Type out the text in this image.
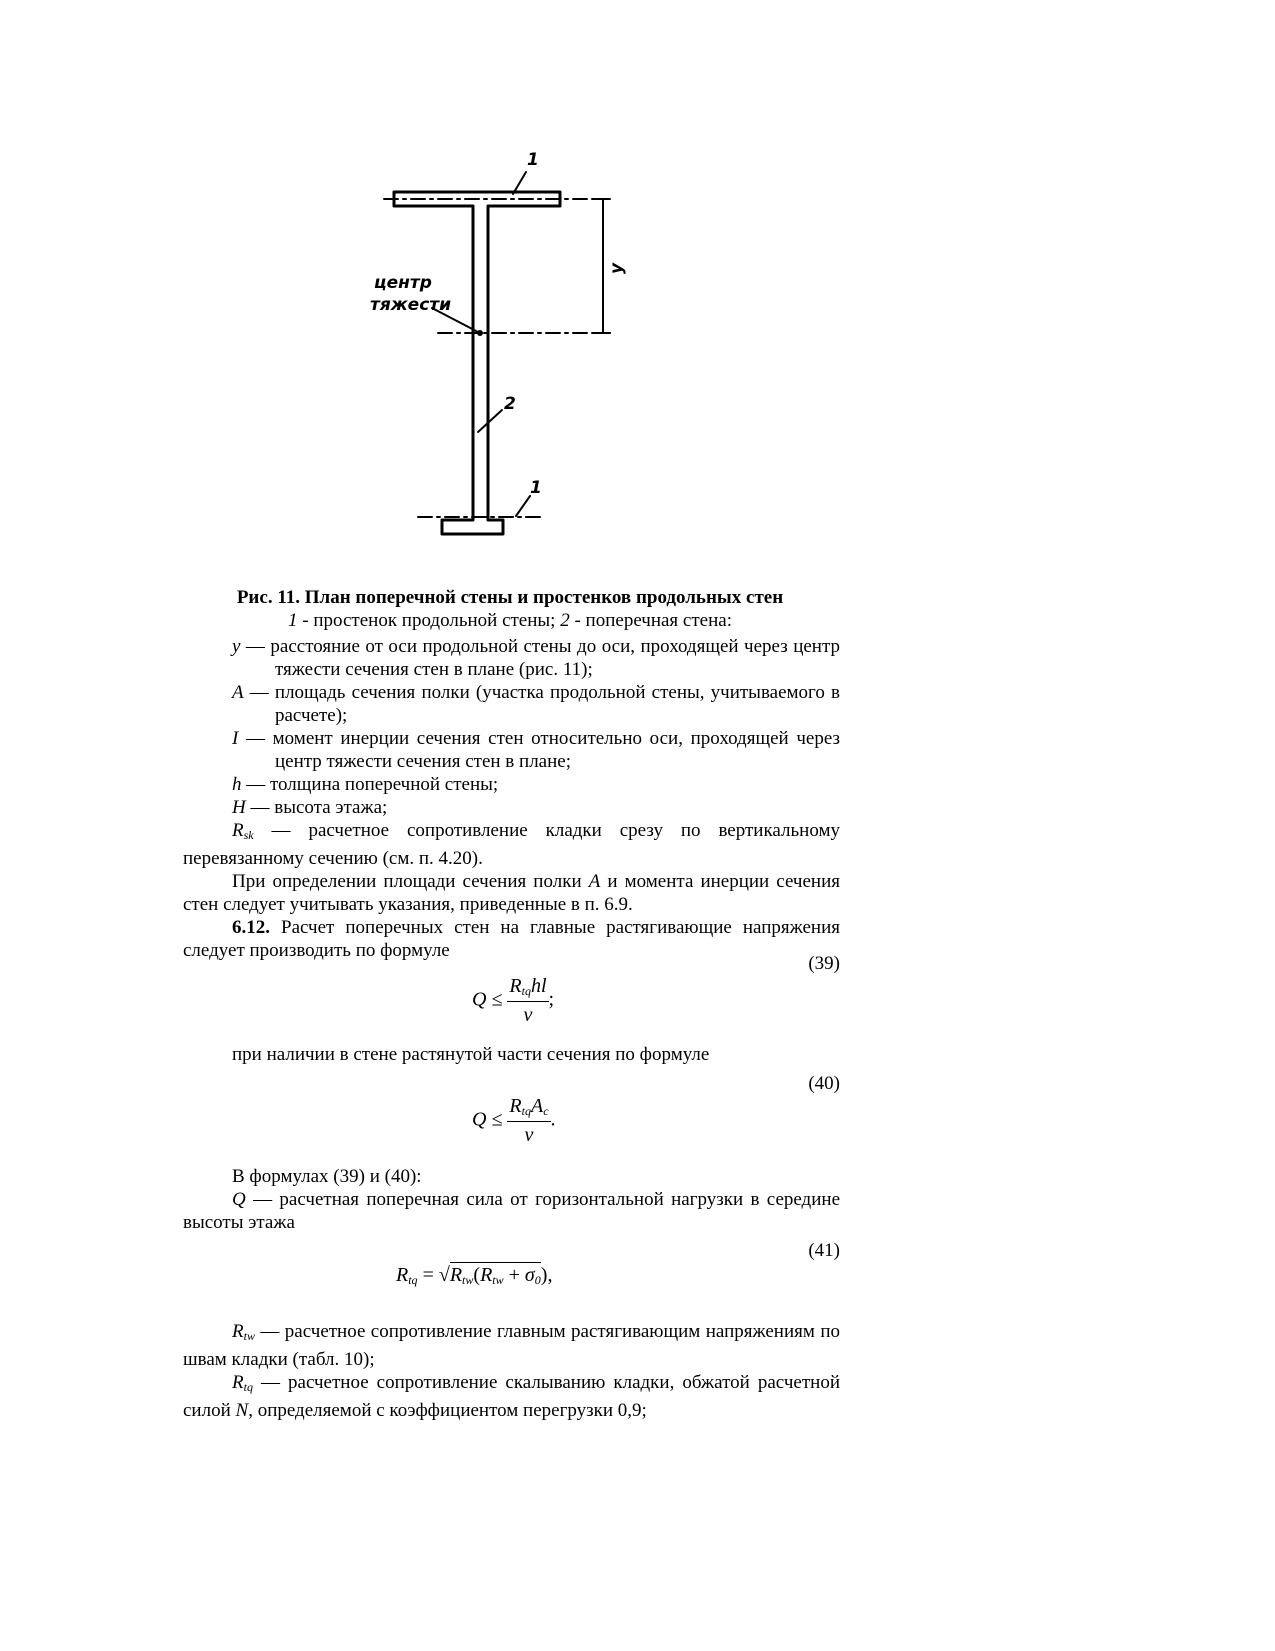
1
2
1
центр
тяжести
у
Рис. 11. План поперечной стены и простенков продольных стен
1 - простенок продольной стены; 2 - поперечная стена:

у — расстояние от оси продольной стены до оси, проходящей через центр тяжести сечения стен в плане (рис. 11);

А — площадь сечения полки (участка продольной стены, учитываемого в расчете);

I — момент инерции сечения стен относительно оси, проходящей через центр тяжести сечения стен в плане;

h — толщина поперечной стены;

H — высота этажа;

$R_{sk}$ — расчетное сопротивление кладки срезу по вертикальному перевязанному сечению (см. п. 4.20).

При определении площади сечения полки А и момента инерции сечения стен следует учитывать указания, приведенные в п. 6.9.

6.12. Расчет поперечных стен на главные растягивающие напряжения следует производить по формуле

(39)
$Q \le \frac{R_{tq}hl}{v}$ ;

при наличии в стене растянутой части сечения по формуле

(40)
$Q \le \frac{R_{tq}A_c}{v}$ .

В формулах (39) и (40):

Q — расчетная поперечная сила от горизонтальной нагрузки в середине высоты этажа

(41)
$R_{tq} = √R_{tw}(R_{tw} + \sigma_0)$,

$R_{tw}$ — расчетное сопротивление главным растягивающим напряжениям по швам кладки (табл. 10);

$R_{tq}$ — расчетное сопротивление скалыванию кладки, обжатой расчетной силой N, определяемой с коэффициентом перегрузки 0,9;
